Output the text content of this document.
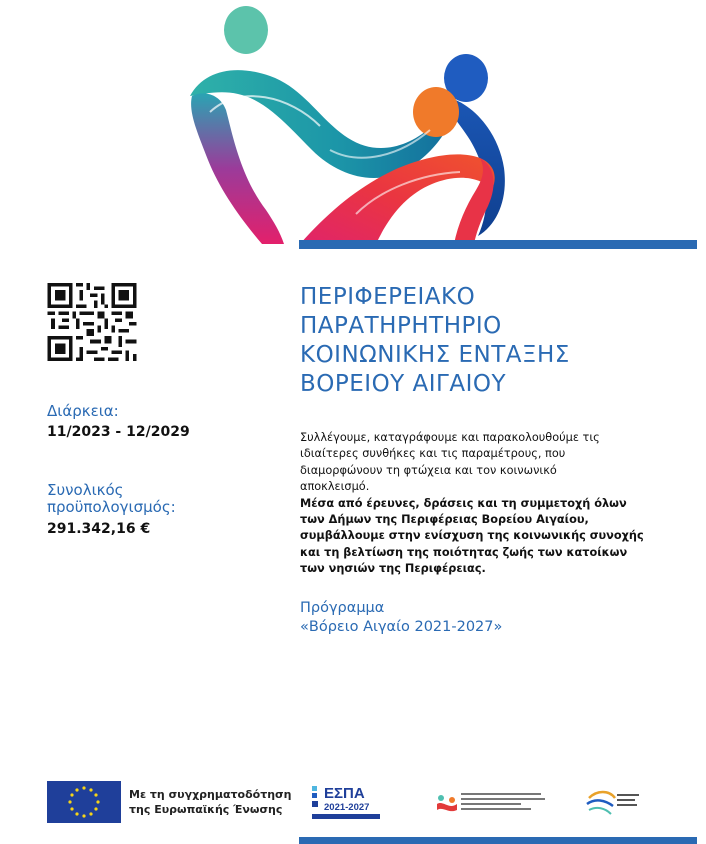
Διάρκεια:
11/2023 - 12/2029
Συνολικός
προϋπολογισμός:
291.342,16 €
ΠΕΡΙΦΕΡΕΙΑΚΟ
ΠΑΡΑΤΗΡΗΤΗΡΙΟ
ΚΟΙΝΩΝΙΚΗΣ ΕΝΤΑΞΗΣ
ΒΟΡΕΙΟΥ ΑΙΓΑΙΟΥ
Συλλέγουμε, καταγράφουμε και παρακολουθούμε τις
ιδιαίτερες συνθήκες και τις παραμέτρους, που
διαμορφώνουν τη φτώχεια και τον κοινωνικό
αποκλεισμό.
Μέσα από έρευνες, δράσεις και τη συμμετοχή όλων
των Δήμων της Περιφέρειας Βορείου Αιγαίου,
συμβάλλουμε στην ενίσχυση της κοινωνικής συνοχής
και τη βελτίωση της ποιότητας ζωής των κατοίκων
των νησιών της Περιφέρειας.
Πρόγραμμα
«Βόρειο Αιγαίο 2021-2027»
Με τη συγχρηματοδότηση
της Ευρωπαϊκής Ένωσης
ΕΣΠΑ
2021-2027
